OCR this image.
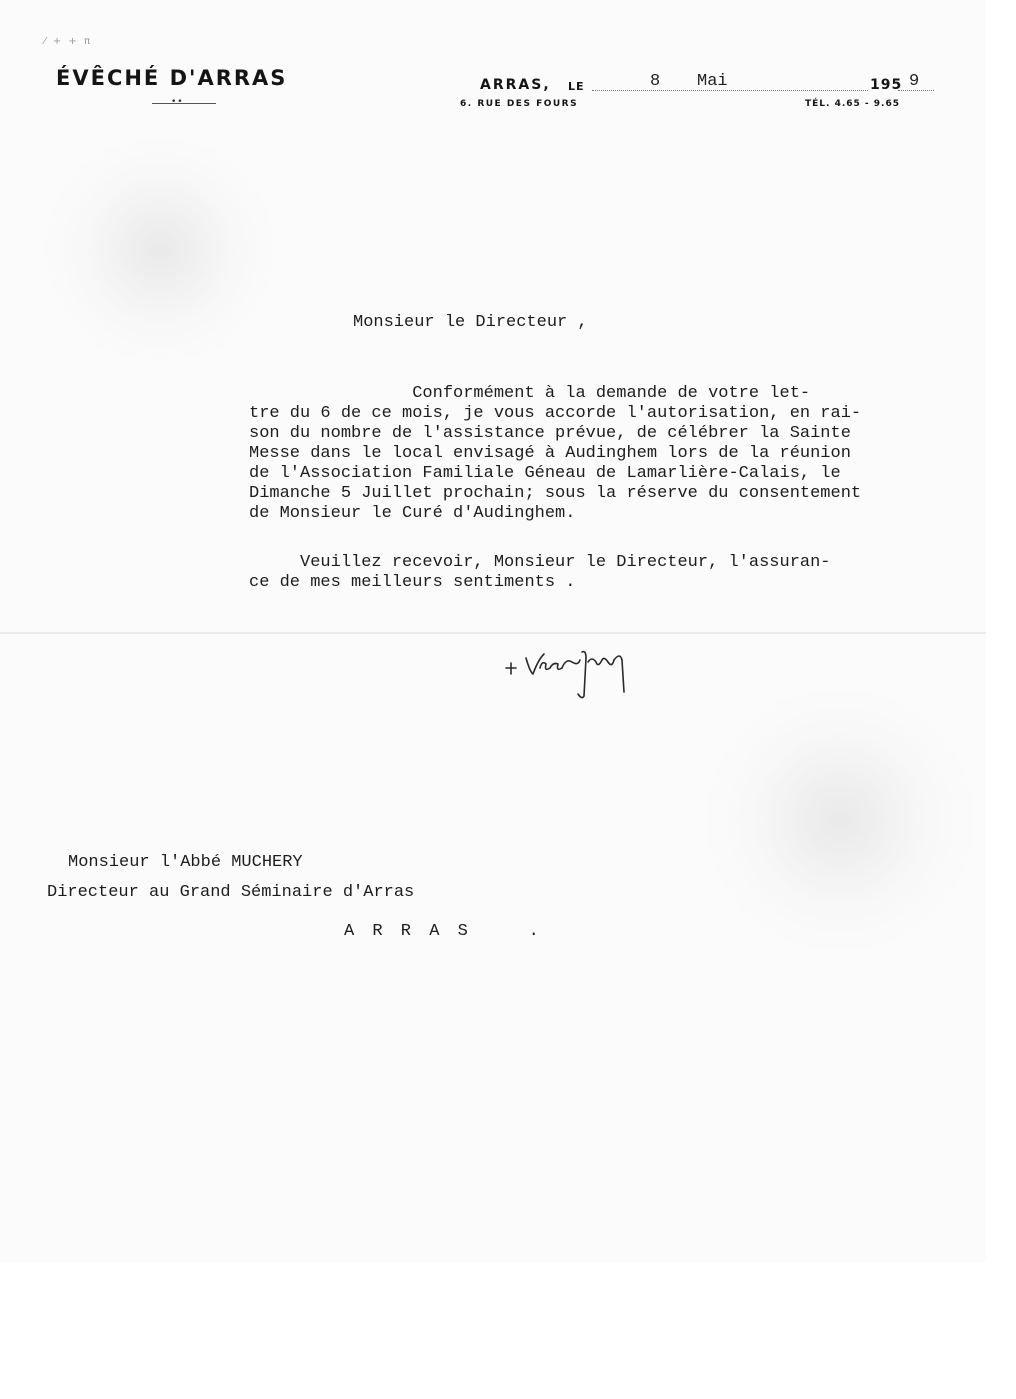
⁄ + + π
ÉVÊCHÉ D'ARRAS
••
ARRAS, LE	8 Mai	195 9
6. RUE DES FOURS	TÉL. 4.65 - 9.65
Monsieur le Directeur ,
Conformément à la demande de votre let-
tre du 6 de ce mois, je vous accorde l'autorisation, en rai-
son du nombre de l'assistance prévue, de célébrer la Sainte
Messe dans le local envisagé à Audinghem lors de la réunion
de l'Association Familiale Géneau de Lamarlière-Calais, le
Dimanche 5 Juillet prochain; sous la réserve du consentement
de Monsieur le Curé d'Audinghem.
Veuillez recevoir, Monsieur le Directeur, l'assuran-
ce de mes meilleurs sentiments .
Monsieur l'Abbé MUCHERY
Directeur au Grand Séminaire d'Arras
A R R A S    .
